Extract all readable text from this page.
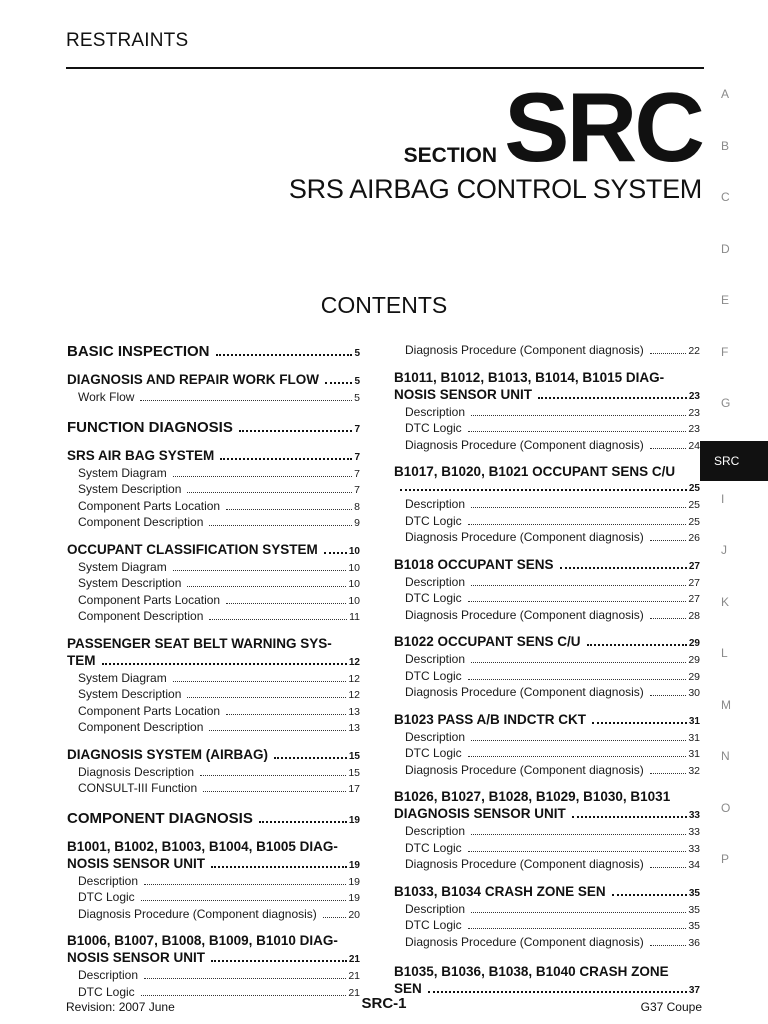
RESTRAINTS
SECTION SRC
SRS AIRBAG CONTROL SYSTEM
CONTENTS
A
B
C
D
E
F
G
SRC
I
J
K
L
M
N
O
P
BASIC INSPECTION	5
DIAGNOSIS AND REPAIR WORK FLOW	5
Work Flow	5
FUNCTION DIAGNOSIS	7
SRS AIR BAG SYSTEM	7
System Diagram	7
System Description	7
Component Parts Location	8
Component Description	9
OCCUPANT CLASSIFICATION SYSTEM	10
System Diagram	10
System Description	10
Component Parts Location	10
Component Description	11
PASSENGER SEAT BELT WARNING SYS-
TEM	12
System Diagram	12
System Description	12
Component Parts Location	13
Component Description	13
DIAGNOSIS SYSTEM (AIRBAG)	15
Diagnosis Description	15
CONSULT-III Function	17
COMPONENT DIAGNOSIS	19
B1001, B1002, B1003, B1004, B1005 DIAG-
NOSIS SENSOR UNIT	19
Description	19
DTC Logic	19
Diagnosis Procedure (Component diagnosis)	20
B1006, B1007, B1008, B1009, B1010 DIAG-
NOSIS SENSOR UNIT	21
Description	21
DTC Logic	21
Diagnosis Procedure (Component diagnosis)	22
B1011, B1012, B1013, B1014, B1015 DIAG-
NOSIS SENSOR UNIT	23
Description	23
DTC Logic	23
Diagnosis Procedure (Component diagnosis)	24
B1017, B1020, B1021 OCCUPANT SENS C/U
25
Description	25
DTC Logic	25
Diagnosis Procedure (Component diagnosis)	26
B1018 OCCUPANT SENS	27
Description	27
DTC Logic	27
Diagnosis Procedure (Component diagnosis)	28
B1022 OCCUPANT SENS C/U	29
Description	29
DTC Logic	29
Diagnosis Procedure (Component diagnosis)	30
B1023 PASS A/B INDCTR CKT	31
Description	31
DTC Logic	31
Diagnosis Procedure (Component diagnosis)	32
B1026, B1027, B1028, B1029, B1030, B1031
DIAGNOSIS SENSOR UNIT	33
Description	33
DTC Logic	33
Diagnosis Procedure (Component diagnosis)	34
B1033, B1034 CRASH ZONE SEN	35
Description	35
DTC Logic	35
Diagnosis Procedure (Component diagnosis)	36
B1035, B1036, B1038, B1040 CRASH ZONE
SEN	37
Revision: 2007 June	SRC-1	G37 Coupe
